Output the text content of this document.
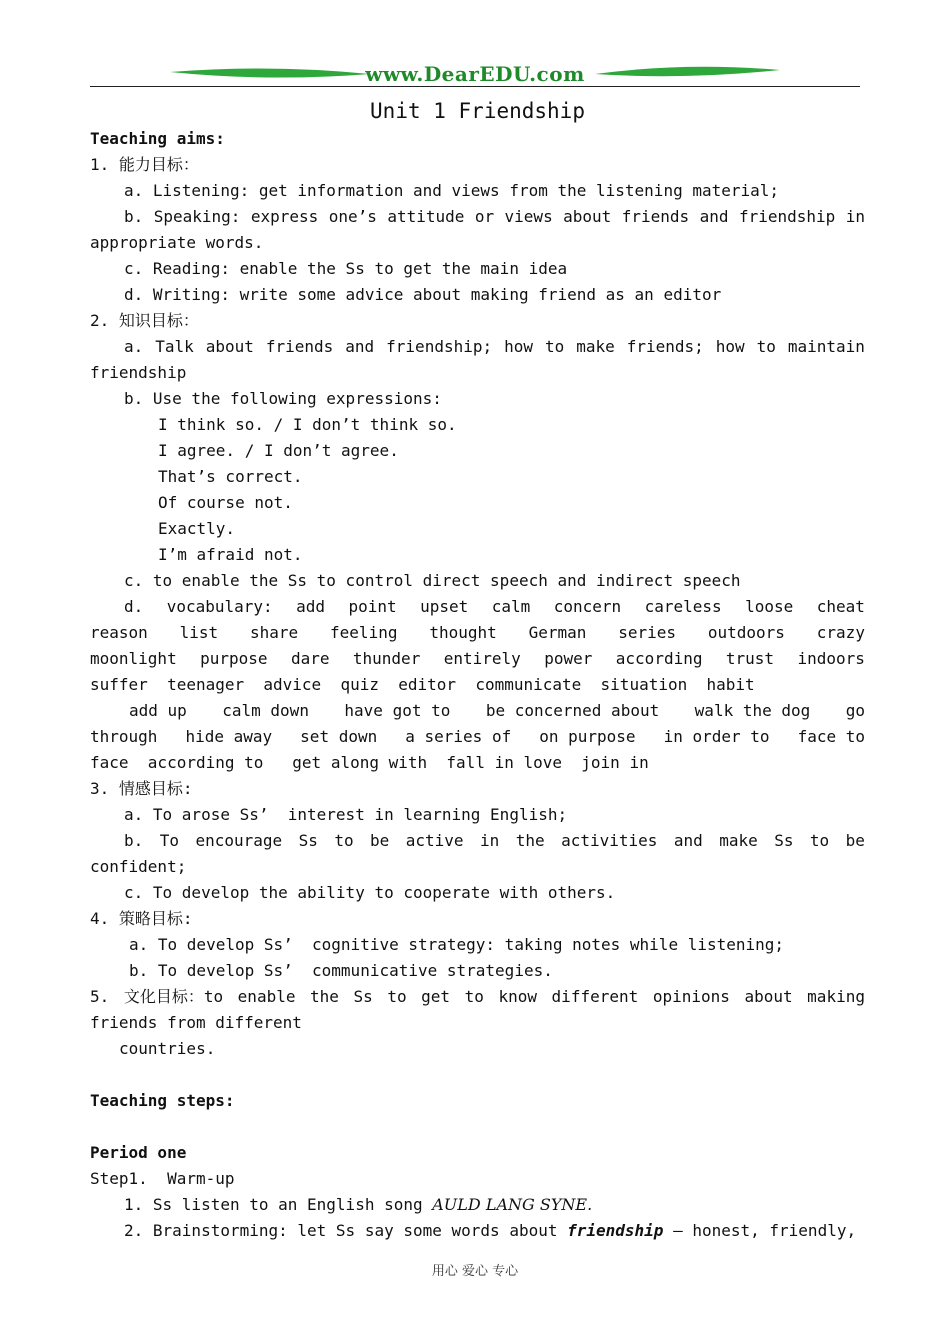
www.DearEDU.com
Unit 1 Friendship
Teaching aims:
1. 能力目标：
a. Listening: get information and views from the listening material;
b. Speaking: express one’s attitude or views about friends and friendship in
appropriate words.
c. Reading: enable the Ss to get the main idea
d. Writing: write some advice about making friend as an editor
2. 知识目标：
a. Talk about friends and friendship; how to make friends; how to maintain
friendship
b. Use the following expressions:
I think so. / I don’t think so.
I agree. / I don’t agree.
That’s correct.
Of course not.
Exactly.
I’m afraid not.
c. to enable the Ss to control direct speech and indirect speech
d. vocabulary: add point upset calm concern careless loose cheat
reason list share feeling thought German series outdoors crazy
moonlight purpose dare thunder entirely power according trust indoors
suffer  teenager  advice  quiz  editor  communicate  situation  habit
add up calm down have got to be concerned about walk the dog go
through hide away set down a series of on purpose in order to face to
face  according to   get along with  fall in love  join in
3. 情感目标:
a. To arose Ss’  interest in learning English;
b. To encourage Ss to be active in the activities and make Ss to be
confident;
c. To develop the ability to cooperate with others.
4. 策略目标:
a. To develop Ss’  cognitive strategy: taking notes while listening;
b. To develop Ss’  communicative strategies.
5. 文化目标：to enable the Ss to get to know different opinions about making
friends from different
countries.
Teaching steps:
Period one
Step1.  Warm-up
1. Ss listen to an English song AULD LANG SYNE.
2. Brainstorming: let Ss say some words about friendship – honest, friendly,
用心 爱心 专心
